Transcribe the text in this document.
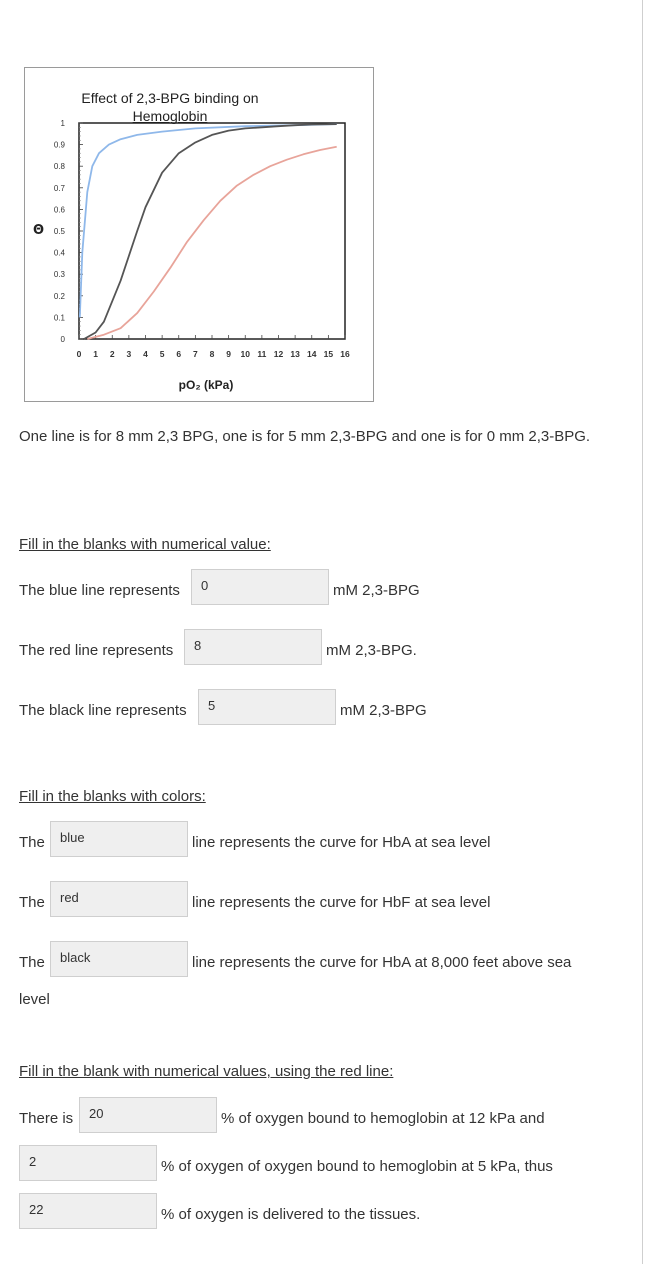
Effect of 2,3-BPG binding on
Hemoglobin
Θ
pO₂ (kPa)
0
0.1
0.2
0.3
0.4
0.5
0.6
0.7
0.8
0.9
1
0 1 2 3 4 5 6 7 8 9 10 11 12 13 14 15 16
One line is for 8 mm 2,3 BPG, one is for 5 mm 2,3-BPG and one is for 0 mm 2,3-BPG.
Fill in the blanks with numerical value:
The blue line represents	0	mM 2,3-BPG
The red line represents	8	mM 2,3-BPG.
The black line represents	5	mM 2,3-BPG
Fill in the blanks with colors:
The	blue	line represents the curve for HbA at sea level
The	red	line represents the curve for HbF at sea level
The	black	line represents the curve for HbA at 8,000 feet above sea
level
Fill in the blank with numerical values, using the red line:
There is	20	% of oxygen bound to hemoglobin at 12 kPa and
2	% of oxygen of oxygen bound to hemoglobin at 5 kPa, thus
22	% of oxygen is delivered to the tissues.
